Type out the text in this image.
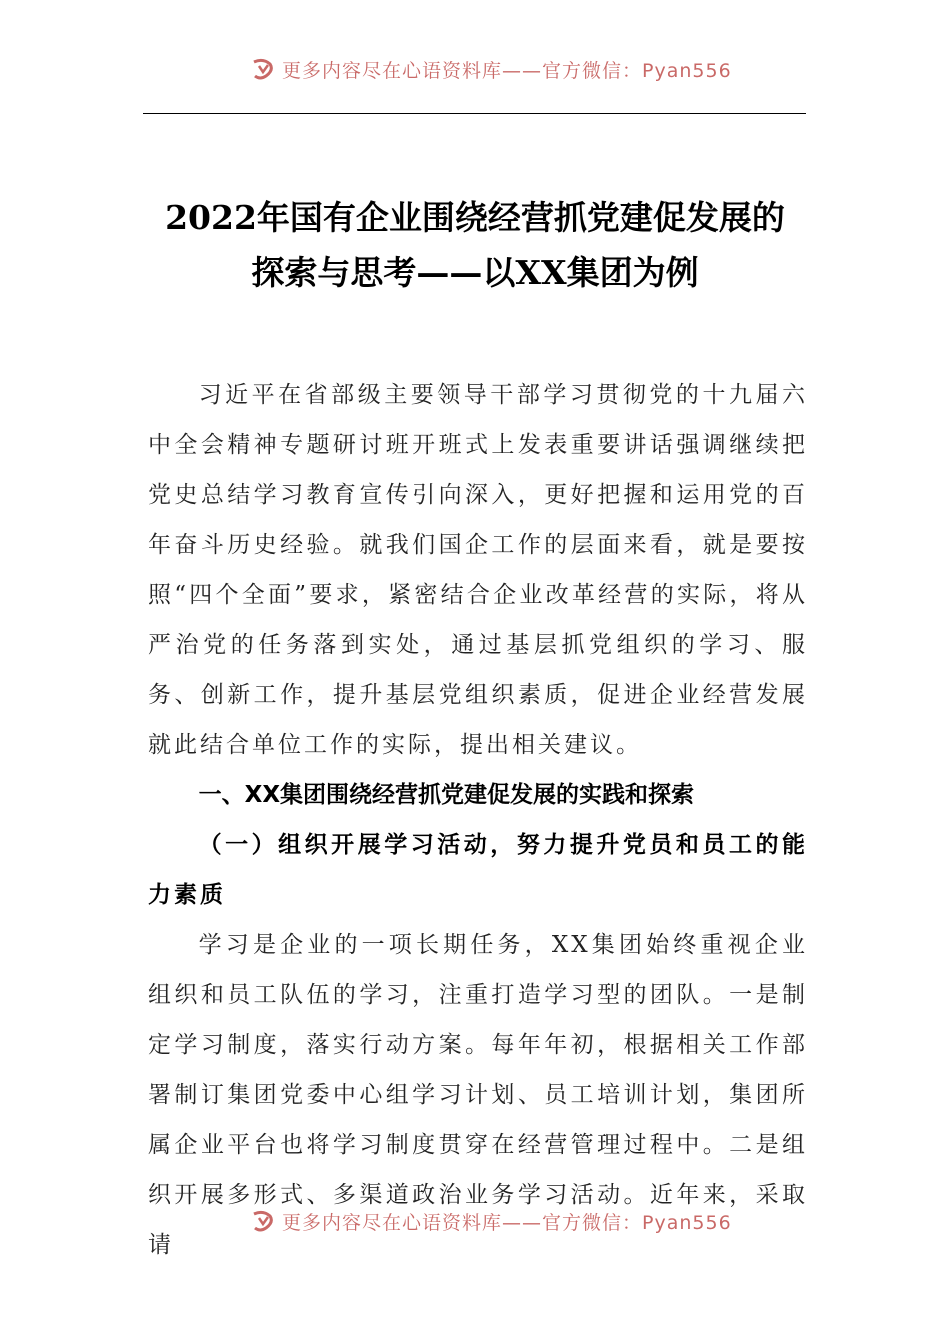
更多内容尽在心语资料库——官方微信：Pyan556
2022年国有企业围绕经营抓党建促发展的
探索与思考——以XX集团为例

习近平在省部级主要领导干部学习贯彻党的十九届六中全会精神专题研讨班开班式上发表重要讲话强调继续把党史总结学习教育宣传引向深入，更好把握和运用党的百年奋斗历史经验。就我们国企工作的层面来看，就是要按照“四个全面”要求，紧密结合企业改革经营的实际，将从严治党的任务落到实处，通过基层抓党组织的学习、服务、创新工作，提升基层党组织素质，促进企业经营发展就此结合单位工作的实际，提出相关建议。

一、XX集团围绕经营抓党建促发展的实践和探索

（一）组织开展学习活动，努力提升党员和员工的能力素质

学习是企业的一项长期任务，XX集团始终重视企业组织和员工队伍的学习，注重打造学习型的团队。一是制定学习制度，落实行动方案。每年年初，根据相关工作部署制订集团党委中心组学习计划、员工培训计划，集团所属企业平台也将学习制度贯穿在经营管理过程中。二是组织开展多形式、多渠道政治业务学习活动。近年来，采取请

更多内容尽在心语资料库——官方微信：Pyan556
